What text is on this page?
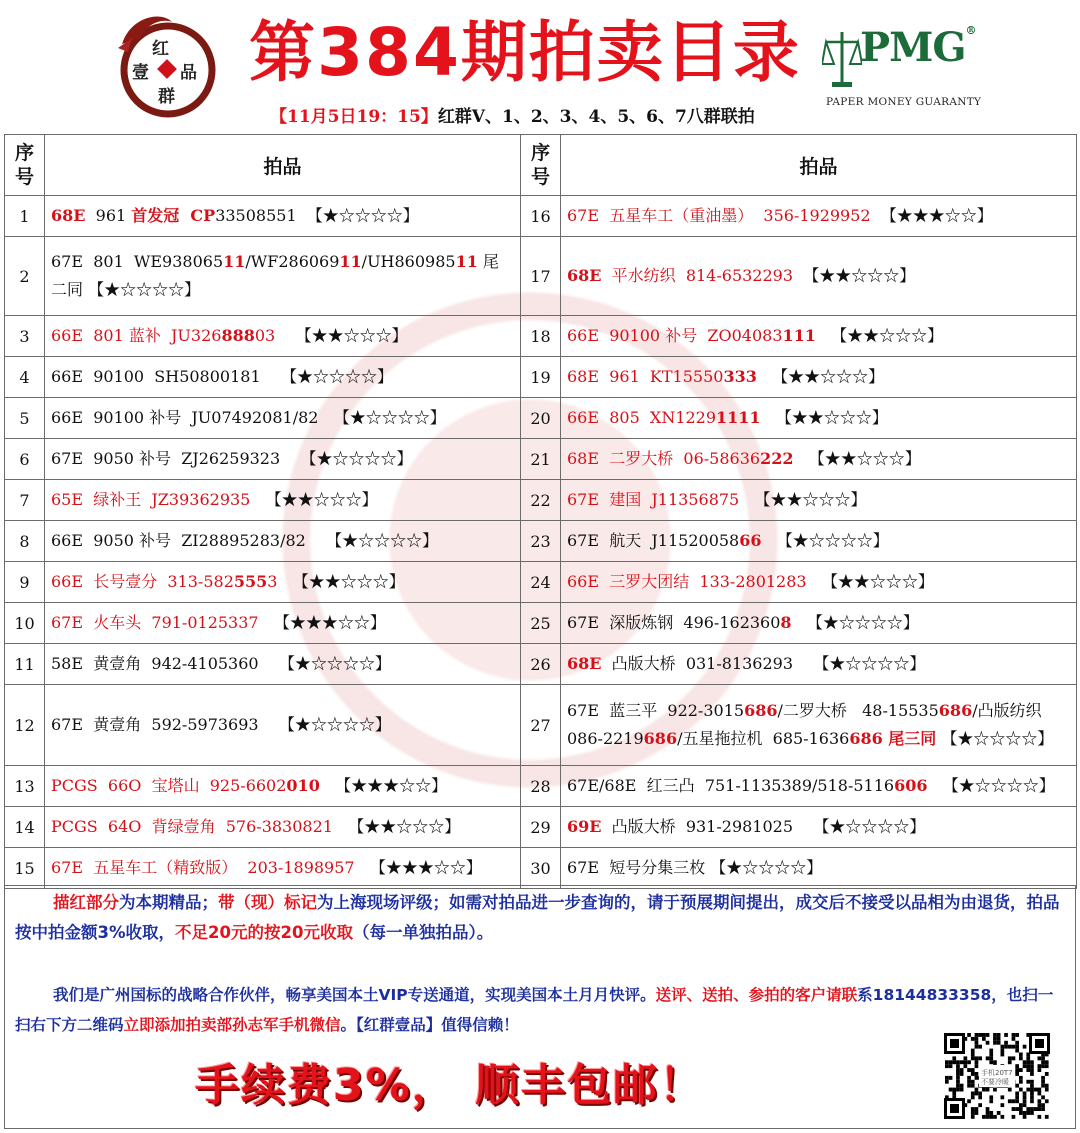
红
壹 品
群
第384期拍卖目录
【11月5日19：15】红群V、1、2、3、4、5、6、7八群联拍
PMG®
PAPER MONEY GUARANTY
序号	拍品	序号	拍品
1	68E  961 首发冠  CP33508551  【★☆☆☆☆】	16	67E  五星车工（重油墨）  356-1929952  【★★★☆☆】
2	67E  801  WE93806511/WF28606911/UH86098511 尾二同 【★☆☆☆☆】	17	68E  平水纺织  814-6532293  【★★☆☆☆】
3	66E  801 蓝补  JU32688803    【★★☆☆☆】	18	66E  90100 补号  ZO04083111   【★★☆☆☆】
4	66E  90100  SH50800181    【★☆☆☆☆】	19	68E  961  KT15550333   【★★☆☆☆】
5	66E  90100 补号  JU07492081/82   【★☆☆☆☆】	20	66E  805  XN12291111   【★★☆☆☆】
6	67E  9050 补号  ZJ26259323    【★☆☆☆☆】	21	68E  二罗大桥  06-58636222   【★★☆☆☆】
7	65E  绿补王  JZ39362935   【★★☆☆☆】	22	67E  建国  J11356875   【★★☆☆☆】
8	66E  9050 补号  ZI28895283/82    【★☆☆☆☆】	23	67E  航天  J1152005866   【★☆☆☆☆】
9	66E  长号壹分  313-5825553   【★★☆☆☆】	24	66E  三罗大团结  133-2801283   【★★☆☆☆】
10	67E  火车头  791-0125337   【★★★☆☆】	25	67E  深版炼钢  496-1623608   【★☆☆☆☆】
11	58E  黄壹角  942-4105360    【★☆☆☆☆】	26	68E  凸版大桥  031-8136293    【★☆☆☆☆】
12	67E  黄壹角  592-5973693    【★☆☆☆☆】	27	67E  蓝三平  922-3015686/二罗大桥   48-15535686/凸版纺织 086-2219686/五星拖拉机  685-1636686 尾三同 【★☆☆☆☆】
13	PCGS  66O  宝塔山  925-6602010   【★★★☆☆】	28	67E/68E  红三凸  751-1135389/518-5116606   【★☆☆☆☆】
14	PCGS  64O  背绿壹角  576-3830821   【★★☆☆☆】	29	69E  凸版大桥  931-2981025    【★☆☆☆☆】
15	67E  五星车工（精致版）  203-1898957   【★★★☆☆】	30	67E  短号分集三枚 【★☆☆☆☆】
描红部分为本期精品；带（现）标记为上海现场评级；如需对拍品进一步查询的，请于预展期间提出，成交后不接受以品相为由退货，拍品按中拍金额3%收取，不足20元的按20元收取（每一单独拍品）。
我们是广州国标的战略合作伙伴，畅享美国本土VIP专送通道，实现美国本土月月快评。送评、送拍、参拍的客户请联系18144833358，也扫一扫右下方二维码立即添加拍卖部孙志军手机微信。【红群壹品】值得信赖！
手续费3%， 顺丰包邮！	手机20T7
不要冷暖
